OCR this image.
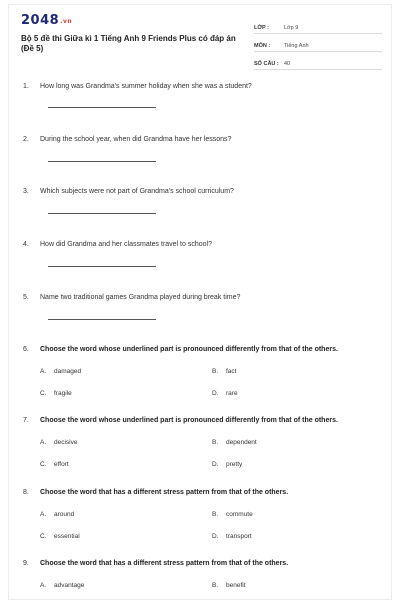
2048.vn
Bộ 5 đề thi Giữa kì 1 Tiếng Anh 9 Friends Plus có đáp án (Đề 5)
LỚP :	Lớp 9
MÔN :	Tiếng Anh
SỐ CÂU : 40
1. How long was Grandma's summer holiday when she was a student?
2. During the school year, when did Grandma have her lessons?
3. Which subjects were not part of Grandma's school curriculum?
4. How did Grandma and her classmates travel to school?
5. Name two traditional games Grandma played during break time?
6. Choose the word whose underlined part is pronounced differently from that of the others.
A. damaged	B. fact
C. fragile	D. rare
7. Choose the word whose underlined part is pronounced differently from that of the others.
A. decisive	B. dependent
C. effort	D. pretty
8. Choose the word that has a different stress pattern from that of the others.
A. around	B. commute
C. essential	D. transport
9. Choose the word that has a different stress pattern from that of the others.
A. advantage	B. benefit
